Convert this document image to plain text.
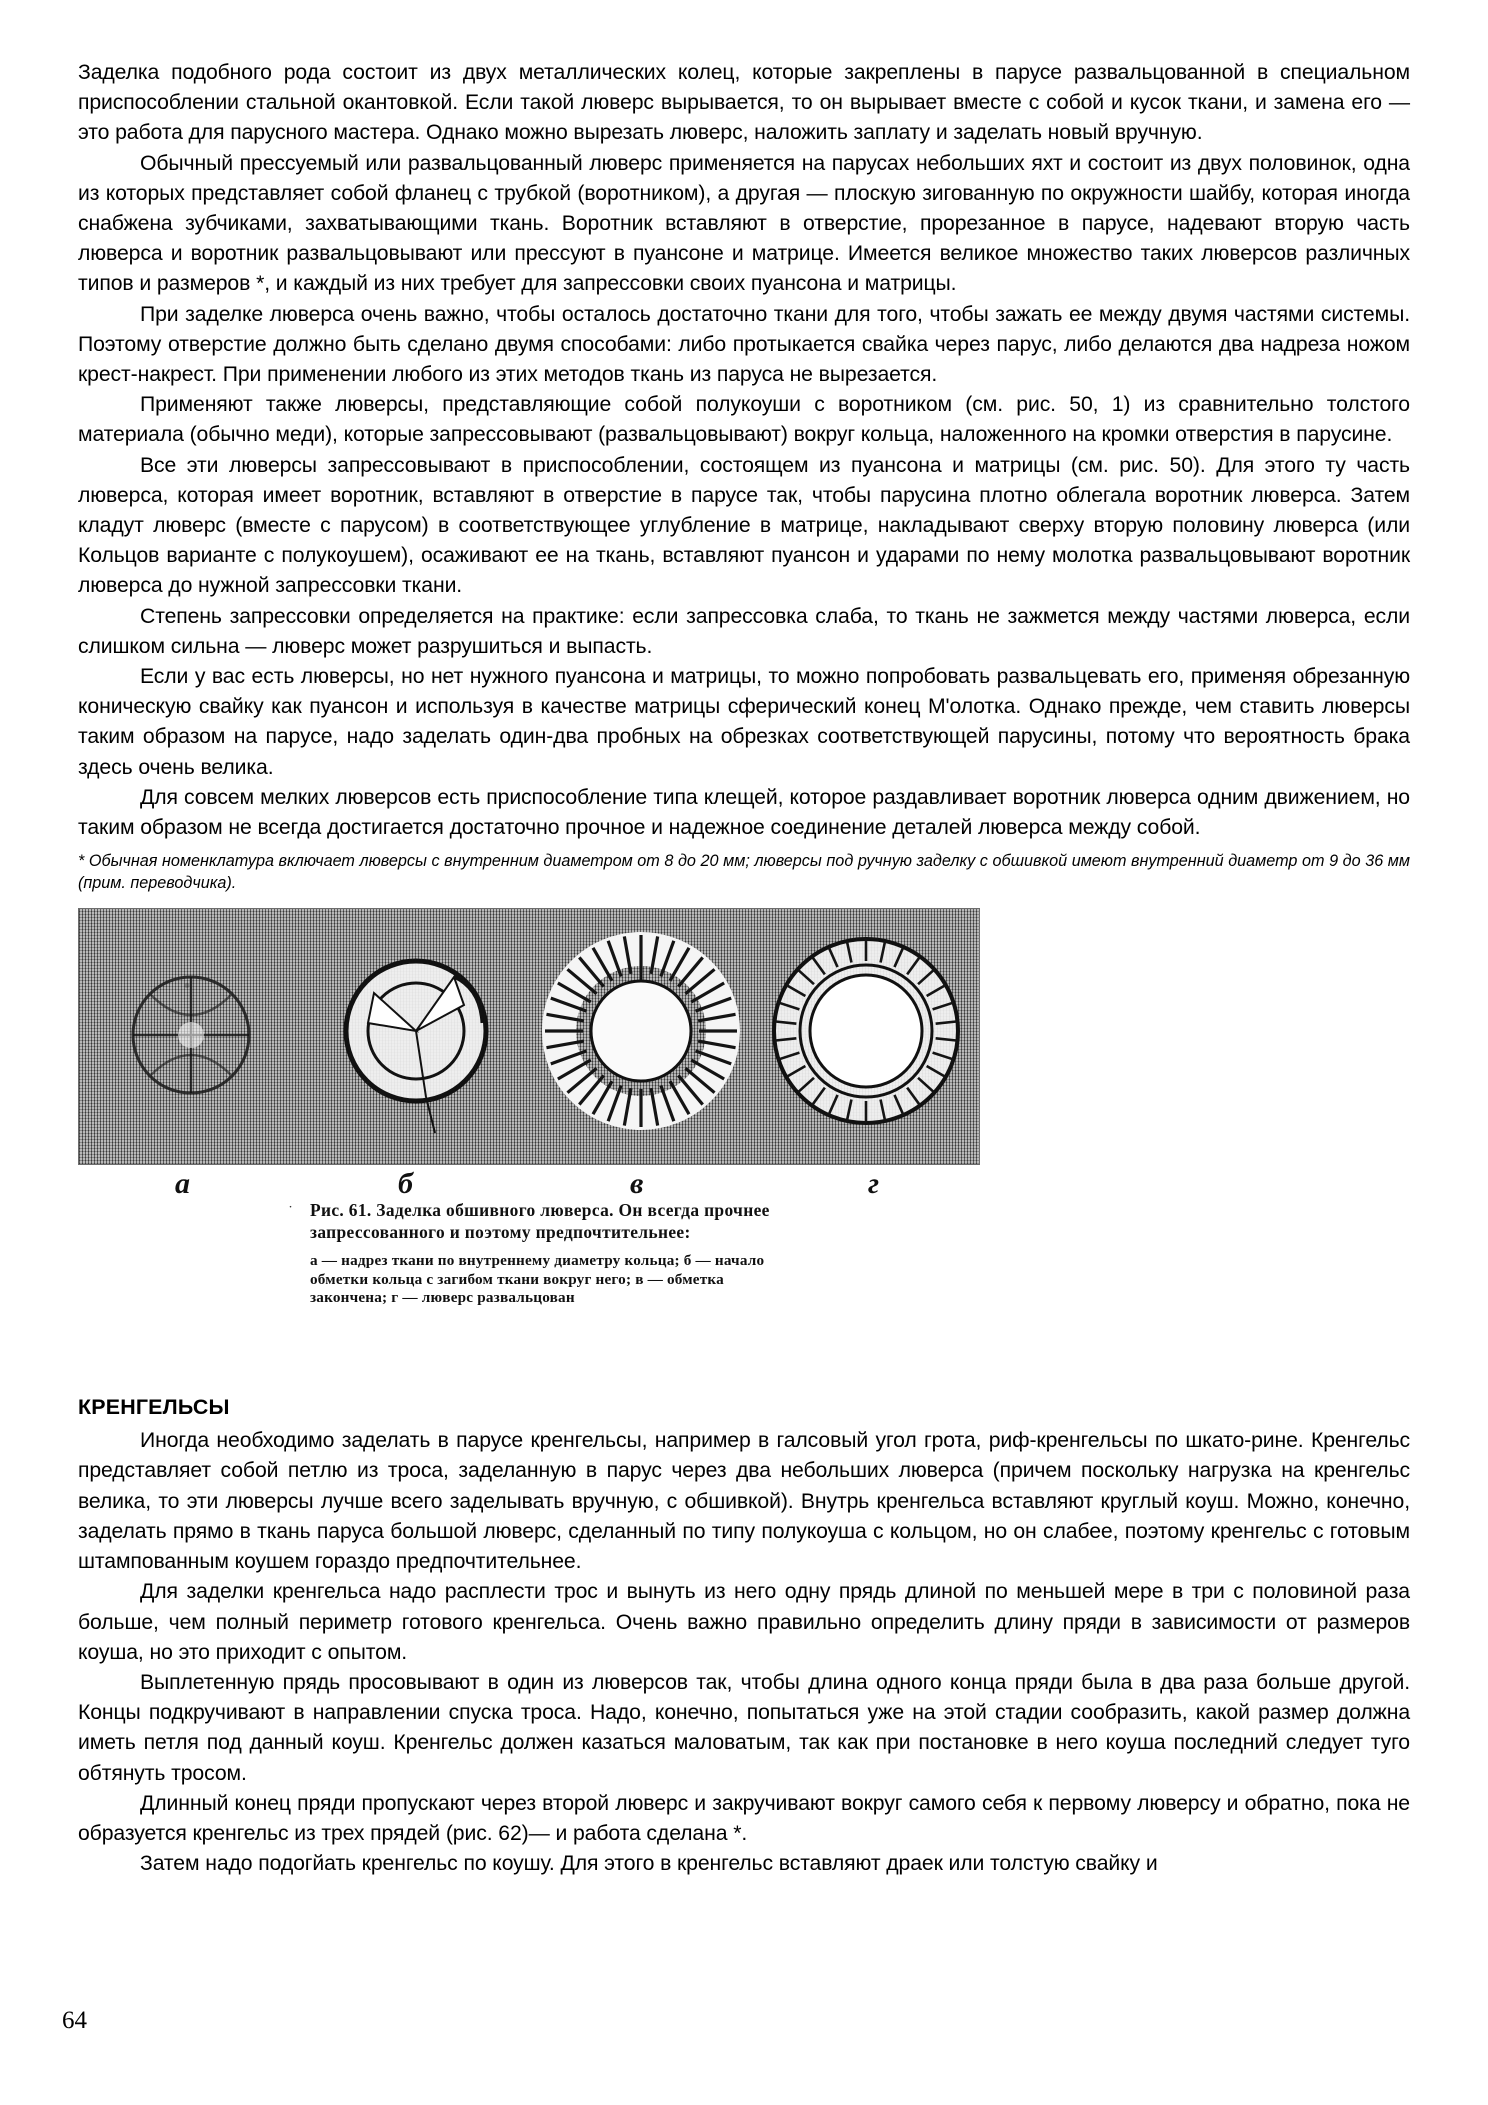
Заделка подобного рода состоит из двух металлических колец, которые закреплены в парусе развальцованной в специальном приспособлении стальной окантовкой. Если такой люверс вырывается, то он вырывает вместе с собой и кусок ткани, и замена его — это работа для парусного мастера. Однако можно вырезать люверс, наложить заплату и заделать новый вручную.

Обычный прессуемый или развальцованный люверс применяется на парусах небольших яхт и состоит из двух половинок, одна из которых представляет собой фланец с трубкой (воротником), а другая — плоскую зигованную по окружности шайбу, которая иногда снабжена зубчиками, захватывающими ткань. Воротник вставляют в отверстие, прорезанное в парусе, надевают вторую часть люверса и воротник развальцовывают или прессуют в пуансоне и матрице. Имеется великое множество таких люверсов различных типов и размеров *, и каждый из них требует для запрессовки своих пуансона и матрицы.

При заделке люверса очень важно, чтобы осталось достаточно ткани для того, чтобы зажать ее между двумя частями системы. Поэтому отверстие должно быть сделано двумя способами: либо протыкается свайка через парус, либо делаются два надреза ножом крест-накрест. При применении любого из этих методов ткань из паруса не вырезается.

Применяют также люверсы, представляющие собой полукоуши с воротником (см. рис. 50, 1) из сравнительно толстого материала (обычно меди), которые запрессовывают (развальцовывают) вокруг кольца, наложенного на кромки отверстия в парусине.

Все эти люверсы запрессовывают в приспособлении, состоящем из пуансона и матрицы (см. рис. 50). Для этого ту часть люверса, которая имеет воротник, вставляют в отверстие в парусе так, чтобы парусина плотно облегала воротник люверса. Затем кладут люверс (вместе с парусом) в соответствующее углубление в матрице, накладывают сверху вторую половину люверса (или Кольцов варианте с полукоушем), осаживают ее на ткань, вставляют пуансон и ударами по нему молотка развальцовывают воротник люверса до нужной запрессовки ткани.

Степень запрессовки определяется на практике: если запрессовка слаба, то ткань не зажмется между частями люверса, если слишком сильна — люверс может разрушиться и выпасть.

Если у вас есть люверсы, но нет нужного пуансона и матрицы, то можно попробовать развальцевать его, применяя обрезанную коническую свайку как пуансон и используя в качестве матрицы сферический конец М'олотка. Однако прежде, чем ставить люверсы таким образом на парусе, надо заделать один-два пробных на обрезках соответствующей парусины, потому что вероятность брака здесь очень велика.

Для совсем мелких люверсов есть приспособление типа клещей, которое раздавливает воротник люверса одним движением, но таким образом не всегда достигается достаточно прочное и надежное соединение деталей люверса между собой.

* Обычная номенклатура включает люверсы с внутренним диаметром от 8 до 20 мм; люверсы под ручную заделку с обшивкой имеют внутренний диаметр от 9 до 36 мм (прим. переводчика).

а	б	в	г
˙ Рис. 61. Заделка обшивного люверса. Он всегда прочнее запрессованного и поэтому предпочтительнее:

а — надрез ткани по внутреннему диаметру кольца; б — начало обметки кольца с загибом ткани вокруг него; в — обметка закончена; г — люверс развальцован

КРЕНГЕЛЬСЫ

Иногда необходимо заделать в парусе кренгельсы, например в галсовый угол грота, риф-кренгельсы по шкато-рине. Кренгельс представляет собой петлю из троса, заделанную в парус через два небольших люверса (причем поскольку нагрузка на кренгельс велика, то эти люверсы лучше всего заделывать вручную, с обшивкой). Внутрь кренгельса вставляют круглый коуш. Можно, конечно, заделать прямо в ткань паруса большой люверс, сделанный по типу полукоуша с кольцом, но он слабее, поэтому кренгельс с готовым штампованным коушем гораздо предпочтительнее.

Для заделки кренгельса надо расплести трос и вынуть из него одну прядь длиной по меньшей мере в три с половиной раза больше, чем полный периметр готового кренгельса. Очень важно правильно определить длину пряди в зависимости от размеров коуша, но это приходит с опытом.

Выплетенную прядь просовывают в один из люверсов так, чтобы длина одного конца пряди была в два раза больше другой. Концы подкручивают в направлении спуска троса. Надо, конечно, попытаться уже на этой стадии сообразить, какой размер должна иметь петля под данный коуш. Кренгельс должен казаться маловатым, так как при постановке в него коуша последний следует туго обтянуть тросом.

Длинный конец пряди пропускают через второй люверс и закручивают вокруг самого себя к первому люверсу и обратно, пока не образуется кренгельс из трех прядей (рис. 62)— и работа сделана *.

Затем надо подогйать кренгельс по коушу. Для этого в кренгельс вставляют драек или толстую свайку и

64
